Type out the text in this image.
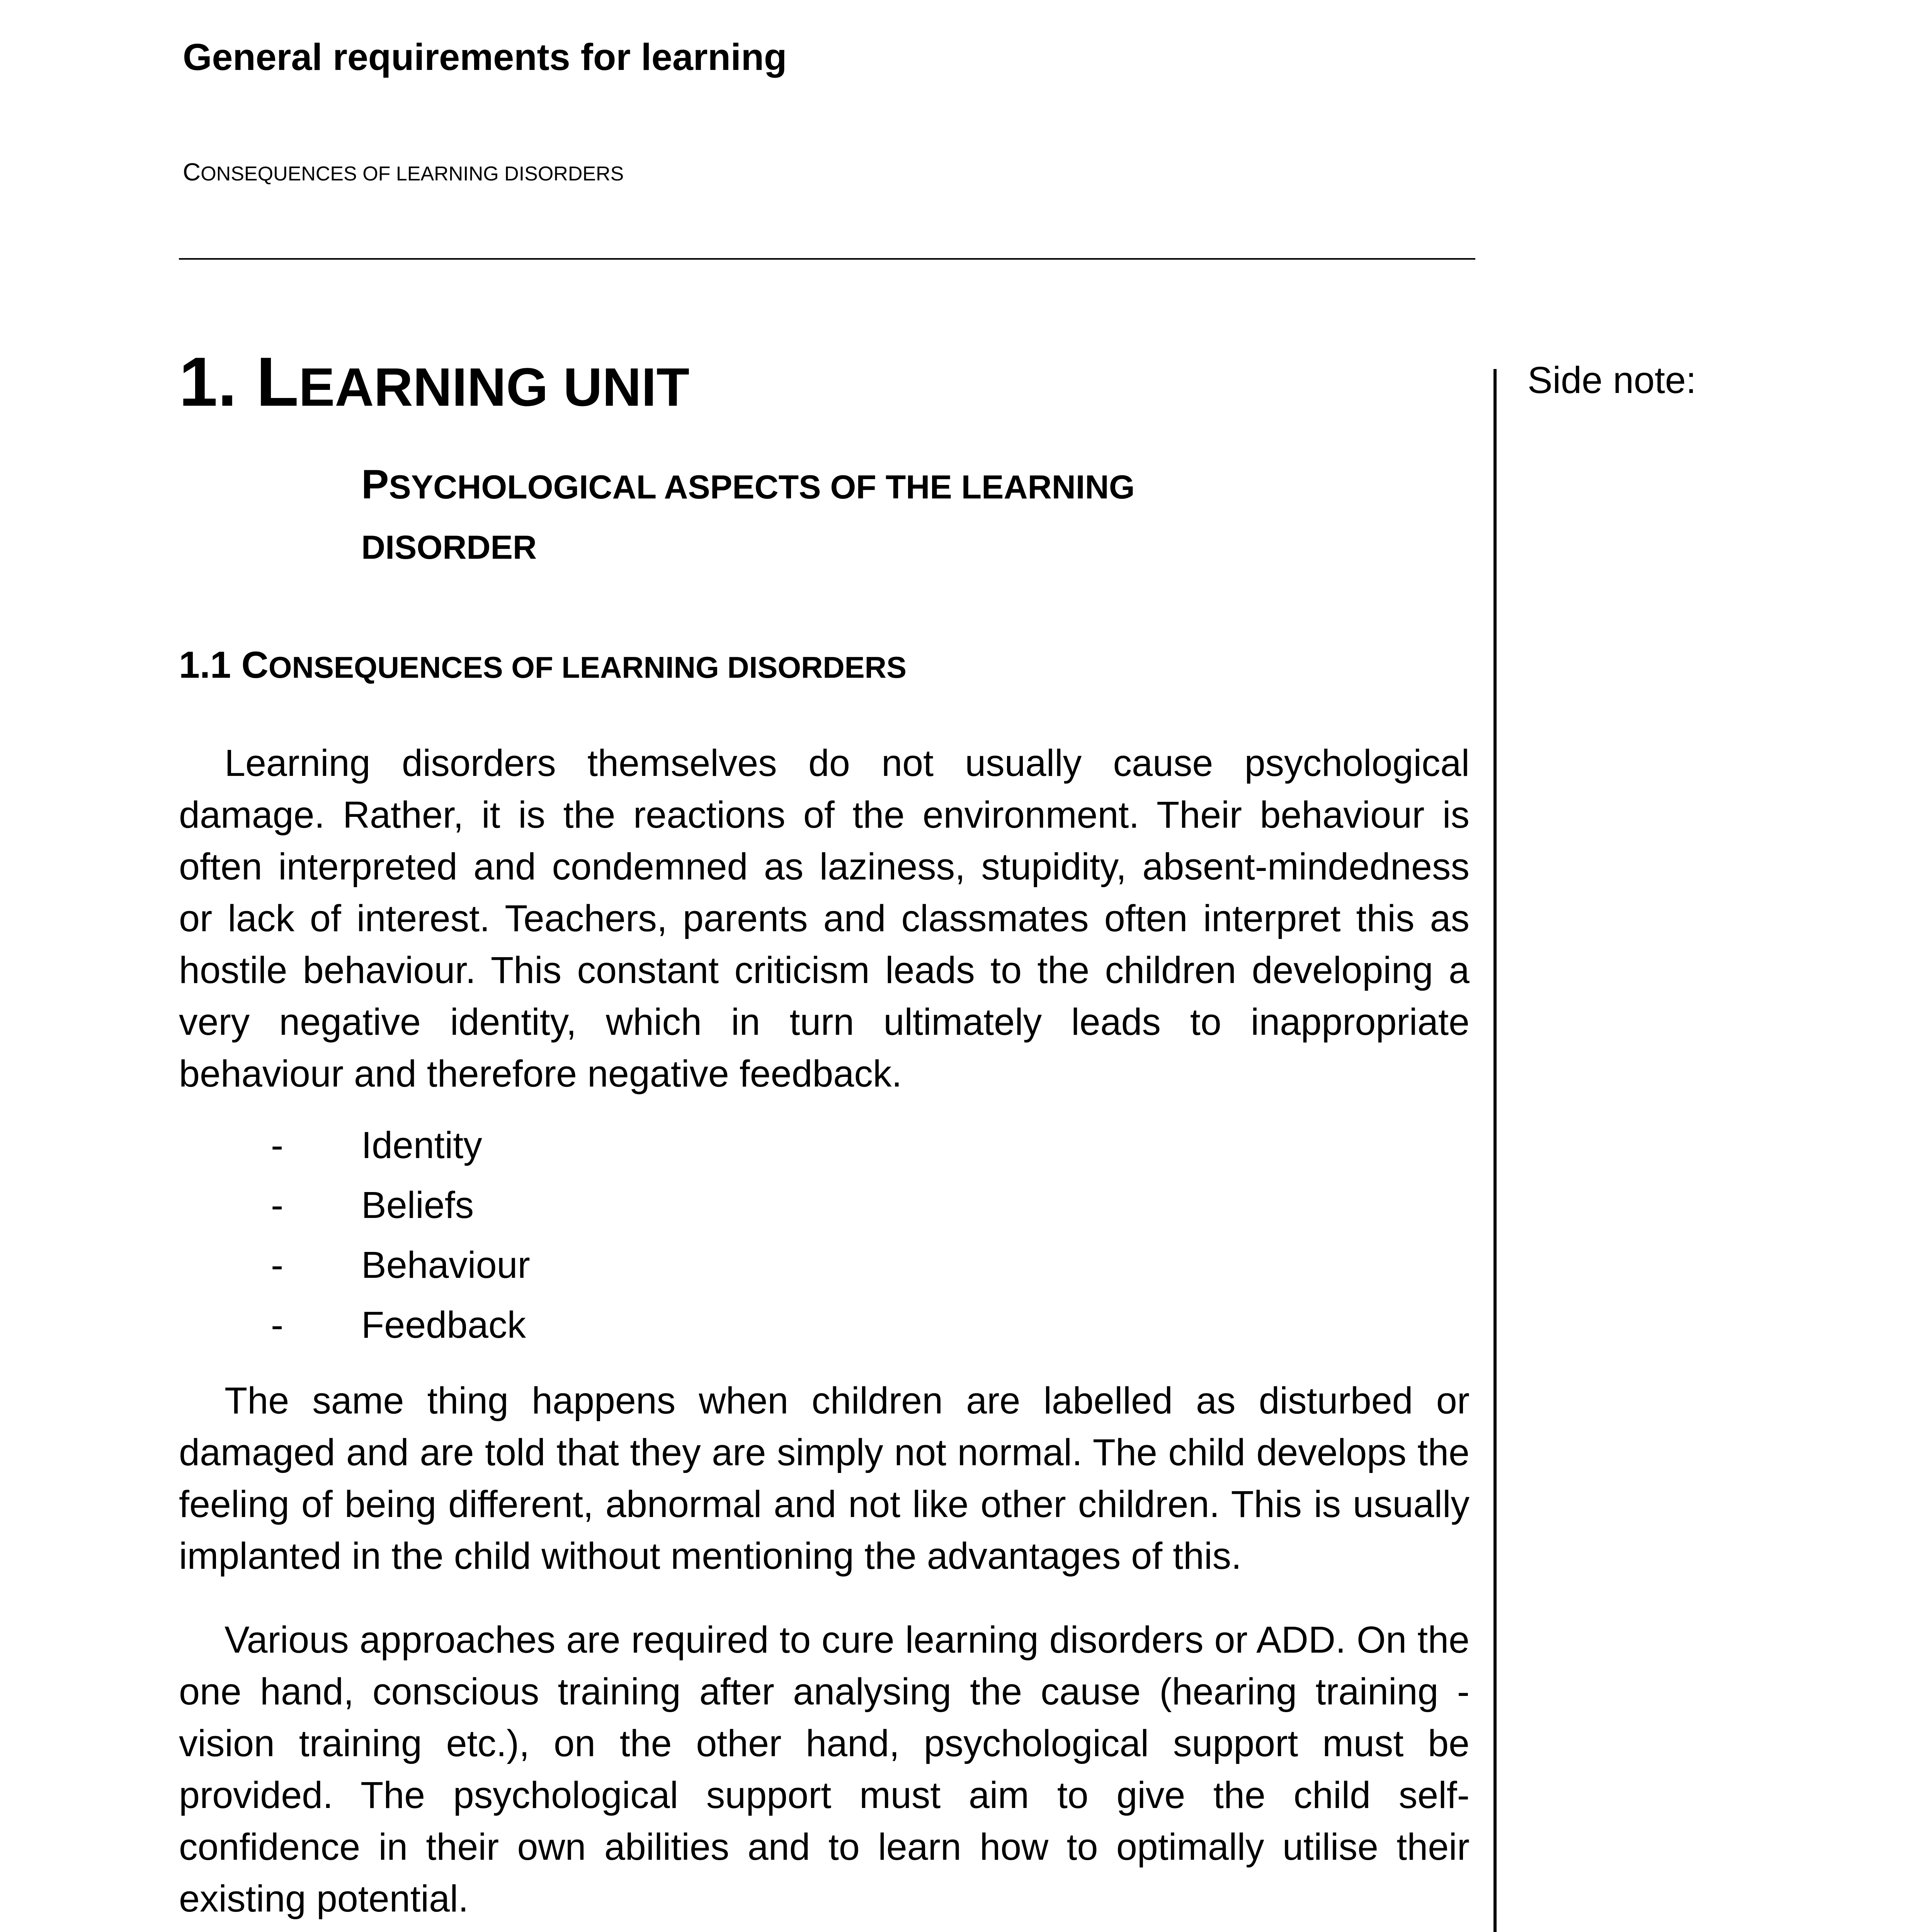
General requirements for learning
CONSEQUENCES OF LEARNING DISORDERS
1. LEARNING UNIT
PSYCHOLOGICAL ASPECTS OF THE LEARNING
DISORDER
1.1 CONSEQUENCES OF LEARNING DISORDERS

Learning disorders themselves do not usually cause psychological damage. Rather, it is the reactions of the environment. Their behaviour is often interpreted and condemned as laziness, stupidity, absent-mindedness or lack of interest. Teachers, parents and classmates often interpret this as hostile behaviour. This constant criticism leads to the children developing a very negative identity, which in turn ultimately leads to inappropriate behaviour and therefore negative feedback.

- Identity
- Beliefs
- Behaviour
- Feedback

The same thing happens when children are labelled as disturbed or damaged and are told that they are simply not normal. The child develops the feeling of being different, abnormal and not like other children. This is usually implanted in the child without mentioning the advantages of this.

Various approaches are required to cure learning disorders or ADD. On the one hand, conscious training after analysing the cause (hearing training - vision training etc.), on the other hand, psychological support must be provided. The psychological support must aim to give the child self-confidence in their own abilities and to learn how to optimally utilise their existing potential.

Side note:
